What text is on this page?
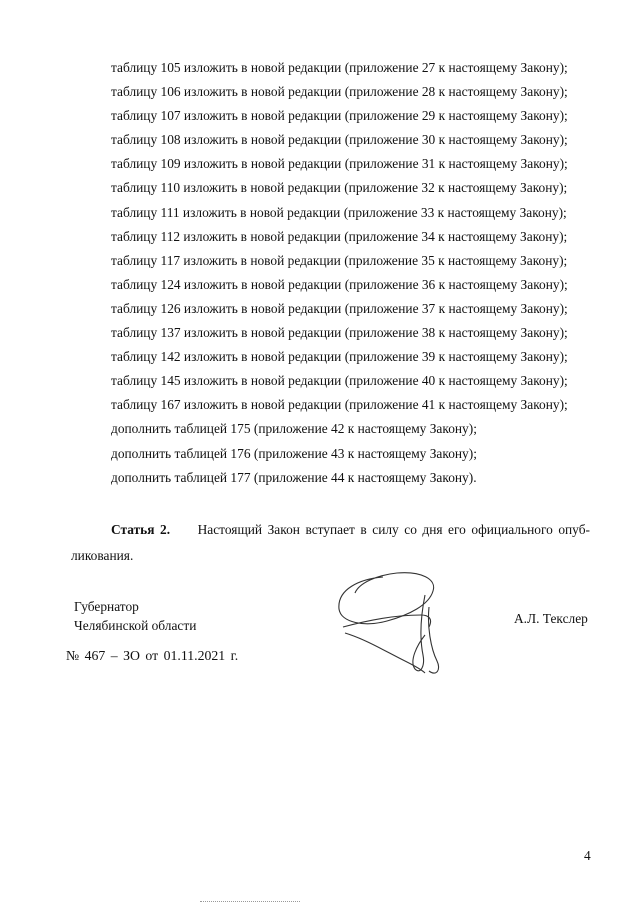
таблицу 105 изложить в новой редакции (приложение 27 к настоящему Закону);
таблицу 106 изложить в новой редакции (приложение 28 к настоящему Закону);
таблицу 107 изложить в новой редакции (приложение 29 к настоящему Закону);
таблицу 108 изложить в новой редакции (приложение 30 к настоящему Закону);
таблицу 109 изложить в новой редакции (приложение 31 к настоящему Закону);
таблицу 110 изложить в новой редакции (приложение 32 к настоящему Закону);
таблицу 111 изложить в новой редакции (приложение 33 к настоящему Закону);
таблицу 112 изложить в новой редакции (приложение 34 к настоящему Закону);
таблицу 117 изложить в новой редакции (приложение 35 к настоящему Закону);
таблицу 124 изложить в новой редакции (приложение 36 к настоящему Закону);
таблицу 126 изложить в новой редакции (приложение 37 к настоящему Закону);
таблицу 137 изложить в новой редакции (приложение 38 к настоящему Закону);
таблицу 142 изложить в новой редакции (приложение 39 к настоящему Закону);
таблицу 145 изложить в новой редакции (приложение 40 к настоящему Закону);
таблицу 167 изложить в новой редакции (приложение 41 к настоящему Закону);
дополнить таблицей 175 (приложение 42 к настоящему Закону);
дополнить таблицей 176 (приложение 43 к настоящему Закону);
дополнить таблицей 177 (приложение 44 к настоящему Закону).
Статья 2. Настоящий Закон вступает в силу со дня его официального опуб-
ликования.
Губернатор
Челябинской области	А.Л. Текслер
№ 467 – ЗО от 01.11.2021 г.
4
